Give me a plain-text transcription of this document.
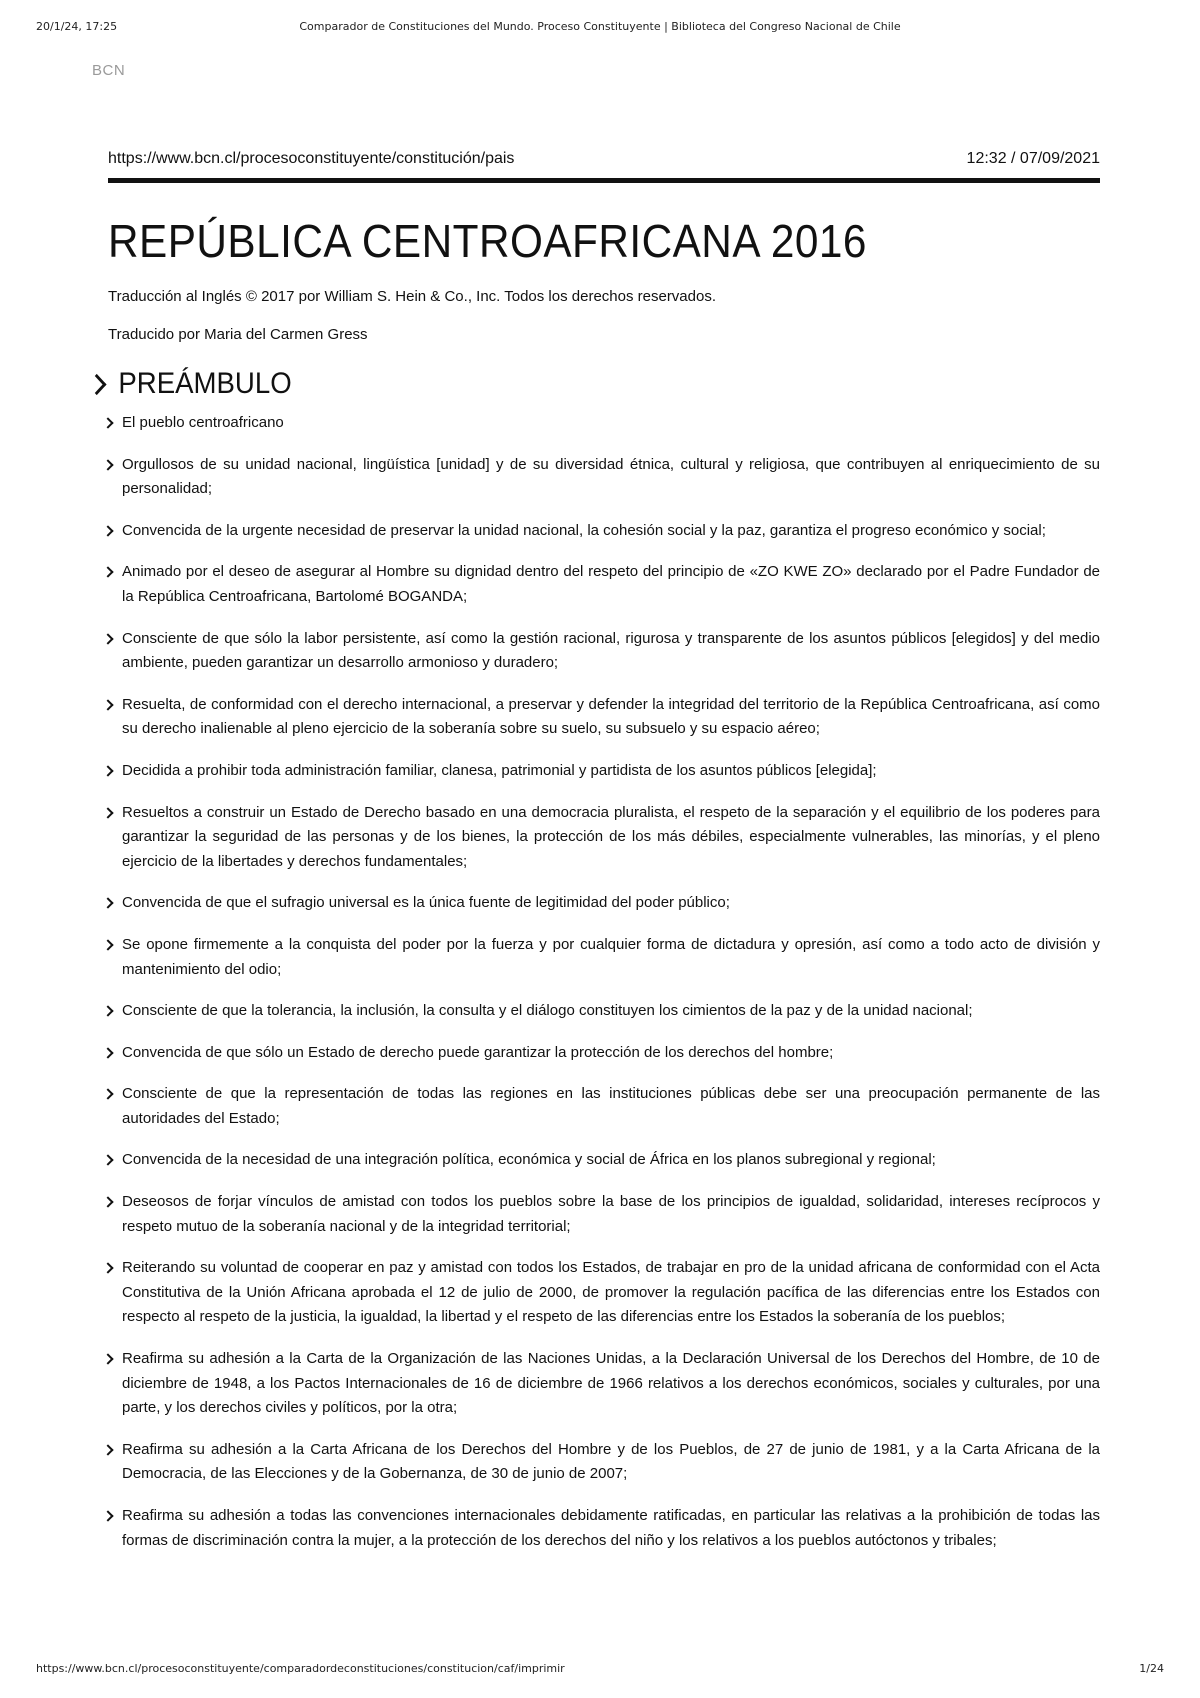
20/1/24, 17:25	Comparador de Constituciones del Mundo. Proceso Constituyente | Biblioteca del Congreso Nacional de Chile
BCN
https://www.bcn.cl/procesoconstituyente/constitución/pais	12:32 / 07/09/2021
REPÚBLICA CENTROAFRICANA 2016

Traducción al Inglés © 2017 por William S. Hein & Co., Inc. Todos los derechos reservados.

Traducido por Maria del Carmen Gress

PREÁMBULO
El pueblo centroafricano
Orgullosos de su unidad nacional, lingüística [unidad] y de su diversidad étnica, cultural y religiosa, que contribuyen al enriquecimiento de su personalidad;
Convencida de la urgente necesidad de preservar la unidad nacional, la cohesión social y la paz, garantiza el progreso económico y social;
Animado por el deseo de asegurar al Hombre su dignidad dentro del respeto del principio de «ZO KWE ZO» declarado por el Padre Fundador de la República Centroafricana, Bartolomé BOGANDA;
Consciente de que sólo la labor persistente, así como la gestión racional, rigurosa y transparente de los asuntos públicos [elegidos] y del medio ambiente, pueden garantizar un desarrollo armonioso y duradero;
Resuelta, de conformidad con el derecho internacional, a preservar y defender la integridad del territorio de la República Centroafricana, así como su derecho inalienable al pleno ejercicio de la soberanía sobre su suelo, su subsuelo y su espacio aéreo;
Decidida a prohibir toda administración familiar, clanesa, patrimonial y partidista de los asuntos públicos [elegida];
Resueltos a construir un Estado de Derecho basado en una democracia pluralista, el respeto de la separación y el equilibrio de los poderes para garantizar la seguridad de las personas y de los bienes, la protección de los más débiles, especialmente vulnerables, las minorías, y el pleno ejercicio de la libertades y derechos fundamentales;
Convencida de que el sufragio universal es la única fuente de legitimidad del poder público;
Se opone firmemente a la conquista del poder por la fuerza y por cualquier forma de dictadura y opresión, así como a todo acto de división y mantenimiento del odio;
Consciente de que la tolerancia, la inclusión, la consulta y el diálogo constituyen los cimientos de la paz y de la unidad nacional;
Convencida de que sólo un Estado de derecho puede garantizar la protección de los derechos del hombre;
Consciente de que la representación de todas las regiones en las instituciones públicas debe ser una preocupación permanente de las autoridades del Estado;
Convencida de la necesidad de una integración política, económica y social de África en los planos subregional y regional;
Deseosos de forjar vínculos de amistad con todos los pueblos sobre la base de los principios de igualdad, solidaridad, intereses recíprocos y respeto mutuo de la soberanía nacional y de la integridad territorial;
Reiterando su voluntad de cooperar en paz y amistad con todos los Estados, de trabajar en pro de la unidad africana de conformidad con el Acta Constitutiva de la Unión Africana aprobada el 12 de julio de 2000, de promover la regulación pacífica de las diferencias entre los Estados con respecto al respeto de la justicia, la igualdad, la libertad y el respeto de las diferencias entre los Estados la soberanía de los pueblos;
Reafirma su adhesión a la Carta de la Organización de las Naciones Unidas, a la Declaración Universal de los Derechos del Hombre, de 10 de diciembre de 1948, a los Pactos Internacionales de 16 de diciembre de 1966 relativos a los derechos económicos, sociales y culturales, por una parte, y los derechos civiles y políticos, por la otra;
Reafirma su adhesión a la Carta Africana de los Derechos del Hombre y de los Pueblos, de 27 de junio de 1981, y a la Carta Africana de la Democracia, de las Elecciones y de la Gobernanza, de 30 de junio de 2007;
Reafirma su adhesión a todas las convenciones internacionales debidamente ratificadas, en particular las relativas a la prohibición de todas las formas de discriminación contra la mujer, a la protección de los derechos del niño y los relativos a los pueblos autóctonos y tribales;
https://www.bcn.cl/procesoconstituyente/comparadordeconstituciones/constitucion/caf/imprimir	1/24
